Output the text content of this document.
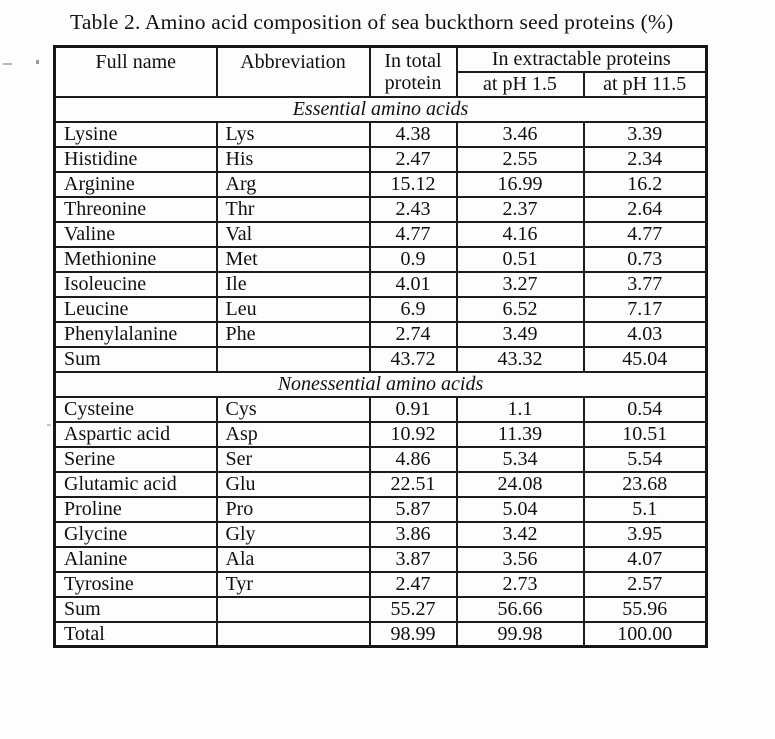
Table 2. Amino acid composition of sea buckthorn seed proteins (%)
Full name	Abbreviation	In total protein	In extractable proteins	
			at pH 1.5	at pH 11.5
Essential amino acids				
Lysine	Lys	4.38	3.46	3.39
Histidine	His	2.47	2.55	2.34
Arginine	Arg	15.12	16.99	16.2
Threonine	Thr	2.43	2.37	2.64
Valine	Val	4.77	4.16	4.77
Methionine	Met	0.9	0.51	0.73
Isoleucine	Ile	4.01	3.27	3.77
Leucine	Leu	6.9	6.52	7.17
Phenylalanine	Phe	2.74	3.49	4.03
Sum		43.72	43.32	45.04
Nonessential amino acids				
Cysteine	Cys	0.91	1.1	0.54
Aspartic acid	Asp	10.92	11.39	10.51
Serine	Ser	4.86	5.34	5.54
Glutamic acid	Glu	22.51	24.08	23.68
Proline	Pro	5.87	5.04	5.1
Glycine	Gly	3.86	3.42	3.95
Alanine	Ala	3.87	3.56	4.07
Tyrosine	Tyr	2.47	2.73	2.57
Sum		55.27	56.66	55.96
Total		98.99	99.98	100.00
